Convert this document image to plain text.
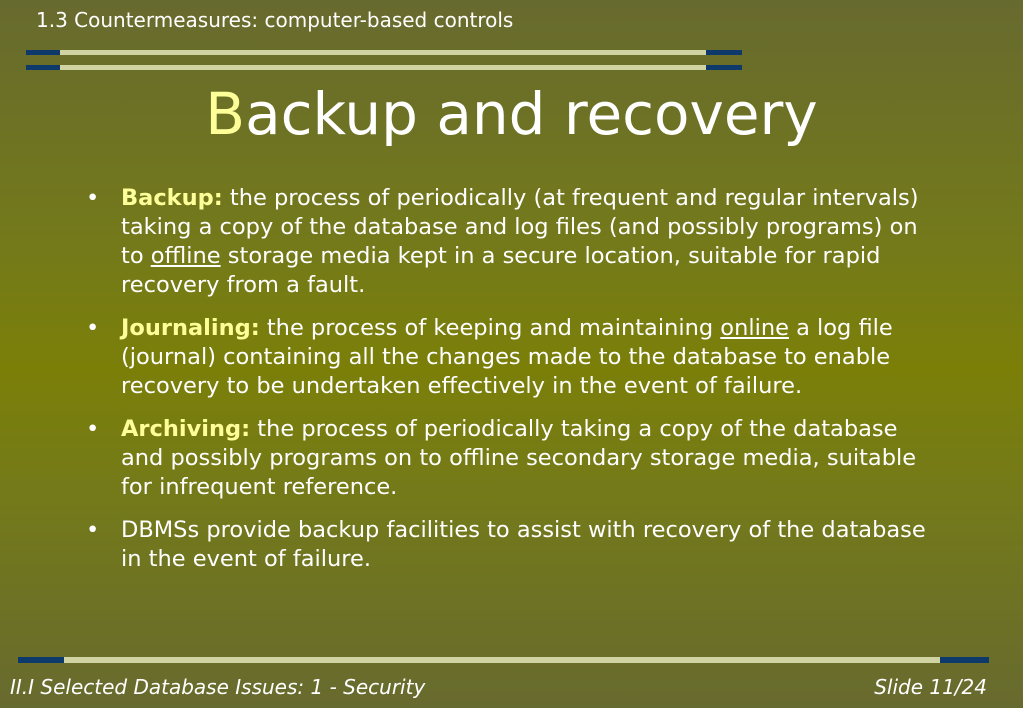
1.3 Countermeasures: computer-based controls
Backup and recovery
• Backup: the process of periodically (at frequent and regular intervals) taking a copy of the database and log files (and possibly programs) on to offline storage media kept in a secure location, suitable for rapid recovery from a fault.
• Journaling: the process of keeping and maintaining online a log file (journal) containing all the changes made to the database to enable recovery to be undertaken effectively in the event of failure.
• Archiving: the process of periodically taking a copy of the database and possibly programs on to offline secondary storage media, suitable for infrequent reference.
• DBMSs provide backup facilities to assist with recovery of the database in the event of failure.
II.I Selected Database Issues: 1 - Security	Slide 11/24
